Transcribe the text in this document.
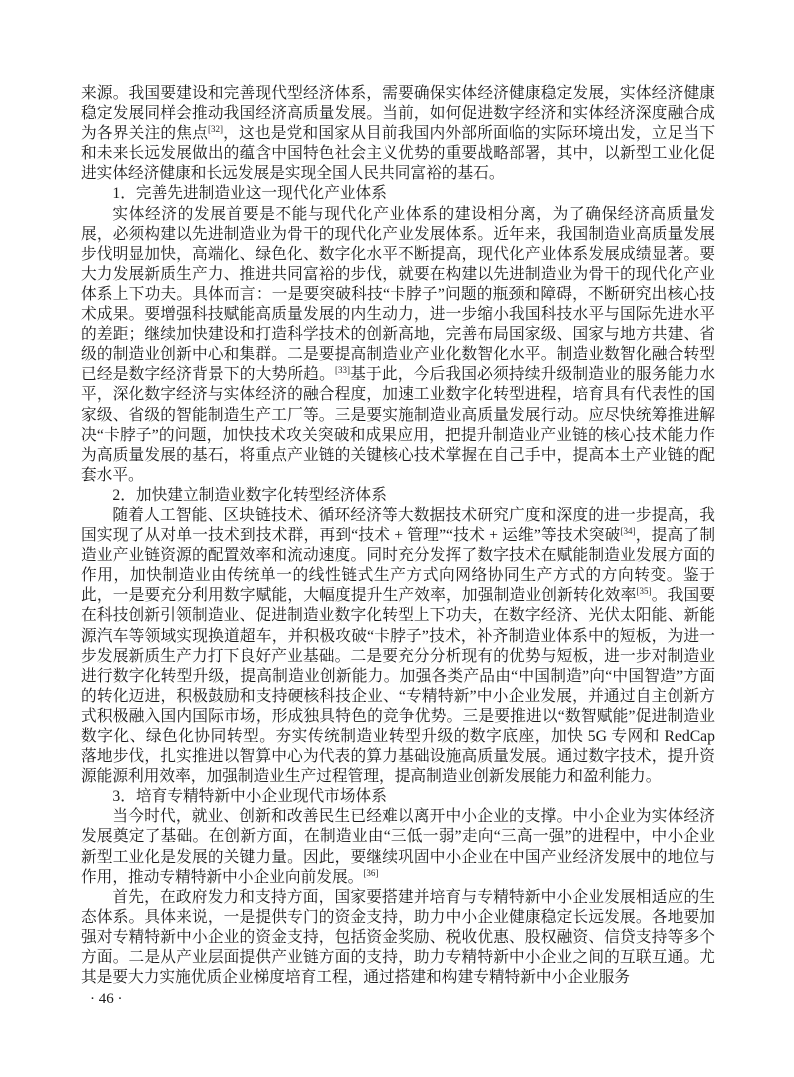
来源。我国要建设和完善现代型经济体系，需要确保实体经济健康稳定发展，实体经济健康稳定发展同样会推动我国经济高质量发展。当前，如何促进数字经济和实体经济深度融合成为各界关注的焦点[32]，这也是党和国家从目前我国内外部所面临的实际环境出发，立足当下和未来长远发展做出的蕴含中国特色社会主义优势的重要战略部署，其中，以新型工业化促进实体经济健康和长远发展是实现全国人民共同富裕的基石。

1．完善先进制造业这一现代化产业体系

实体经济的发展首要是不能与现代化产业体系的建设相分离，为了确保经济高质量发展，必须构建以先进制造业为骨干的现代化产业发展体系。近年来，我国制造业高质量发展步伐明显加快，高端化、绿色化、数字化水平不断提高，现代化产业体系发展成绩显著。要大力发展新质生产力、推进共同富裕的步伐，就要在构建以先进制造业为骨干的现代化产业体系上下功夫。具体而言：一是要突破科技“卡脖子”问题的瓶颈和障碍，不断研究出核心技术成果。要增强科技赋能高质量发展的内生动力，进一步缩小我国科技水平与国际先进水平的差距；继续加快建设和打造科学技术的创新高地，完善布局国家级、国家与地方共建、省级的制造业创新中心和集群。二是要提高制造业产业化数智化水平。制造业数智化融合转型已经是数字经济背景下的大势所趋。[33]基于此，今后我国必须持续升级制造业的服务能力水平，深化数字经济与实体经济的融合程度，加速工业数字化转型进程，培育具有代表性的国家级、省级的智能制造生产工厂等。三是要实施制造业高质量发展行动。应尽快统筹推进解决“卡脖子”的问题，加快技术攻关突破和成果应用，把提升制造业产业链的核心技术能力作为高质量发展的基石，将重点产业链的关键核心技术掌握在自己手中，提高本土产业链的配套水平。

2．加快建立制造业数字化转型经济体系

随着人工智能、区块链技术、循环经济等大数据技术研究广度和深度的进一步提高，我国实现了从对单一技术到技术群，再到“技术 + 管理”“技术 + 运维”等技术突破[34]，提高了制造业产业链资源的配置效率和流动速度。同时充分发挥了数字技术在赋能制造业发展方面的作用，加快制造业由传统单一的线性链式生产方式向网络协同生产方式的方向转变。鉴于此，一是要充分利用数字赋能，大幅度提升生产效率，加强制造业创新转化效率[35]。我国要在科技创新引领制造业、促进制造业数字化转型上下功夫，在数字经济、光伏太阳能、新能源汽车等领域实现换道超车，并积极攻破“卡脖子”技术，补齐制造业体系中的短板，为进一步发展新质生产力打下良好产业基础。二是要充分分析现有的优势与短板，进一步对制造业进行数字化转型升级，提高制造业创新能力。加强各类产品由“中国制造”向“中国智造”方面的转化迈进，积极鼓励和支持硬核科技企业、“专精特新”中小企业发展，并通过自主创新方式积极融入国内国际市场，形成独具特色的竞争优势。三是要推进以“数智赋能”促进制造业数字化、绿色化协同转型。夯实传统制造业转型升级的数字底座，加快 5G 专网和 RedCap 落地步伐，扎实推进以智算中心为代表的算力基础设施高质量发展。通过数字技术，提升资源能源利用效率，加强制造业生产过程管理，提高制造业创新发展能力和盈利能力。

3．培育专精特新中小企业现代市场体系

当今时代，就业、创新和改善民生已经难以离开中小企业的支撑。中小企业为实体经济发展奠定了基础。在创新方面，在制造业由“三低一弱”走向“三高一强”的进程中，中小企业新型工业化是发展的关键力量。因此，要继续巩固中小企业在中国产业经济发展中的地位与作用，推动专精特新中小企业向前发展。[36]

首先，在政府发力和支持方面，国家要搭建并培育与专精特新中小企业发展相适应的生态体系。具体来说，一是提供专门的资金支持，助力中小企业健康稳定长远发展。各地要加强对专精特新中小企业的资金支持，包括资金奖励、税收优惠、股权融资、信贷支持等多个方面。二是从产业层面提供产业链方面的支持，助力专精特新中小企业之间的互联互通。尤其是要大力实施优质企业梯度培育工程，通过搭建和构建专精特新中小企业服务

· 46 ·
